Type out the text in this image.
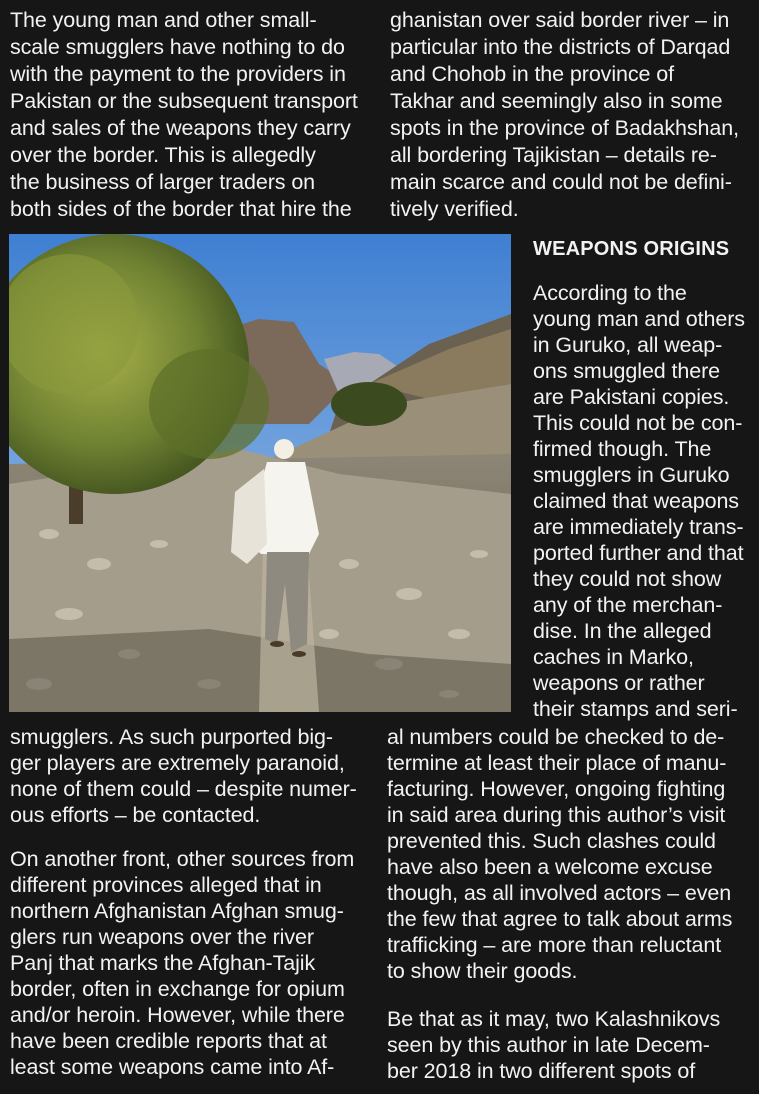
The young man and other small-
scale smugglers have nothing to do
with the payment to the providers in
Pakistan or the subsequent transport
and sales of the weapons they carry
over the border. This is allegedly
the business of larger traders on
both sides of the border that hire the
ghanistan over said border river – in
particular into the districts of Darqad
and Chohob in the province of
Takhar and seemingly also in some
spots in the province of Badakhshan,
all bordering Tajikistan – details re-
main scarce and could not be defini-
tively verified.
WEAPONS ORIGINS
According to the
young man and others
in Guruko, all weap-
ons smuggled there
are Pakistani copies.
This could not be con-
firmed though. The
smugglers in Guruko
claimed that weapons
are immediately trans-
ported further and that
they could not show
any of the merchan-
dise. In the alleged
caches in Marko,
weapons or rather
their stamps and seri-
smugglers. As such purported big-
ger players are extremely paranoid,
none of them could – despite numer-
ous efforts – be contacted.
On another front, other sources from
different provinces alleged that in
northern Afghanistan Afghan smug-
glers run weapons over the river
Panj that marks the Afghan-Tajik
border, often in exchange for opium
and/or heroin. However, while there
have been credible reports that at
least some weapons came into Af-
al numbers could be checked to de-
termine at least their place of manu-
facturing. However, ongoing fighting
in said area during this author’s visit
prevented this. Such clashes could
have also been a welcome excuse
though, as all involved actors – even
the few that agree to talk about arms
trafficking – are more than reluctant
to show their goods.
Be that as it may, two Kalashnikovs
seen by this author in late Decem-
ber 2018 in two different spots of
